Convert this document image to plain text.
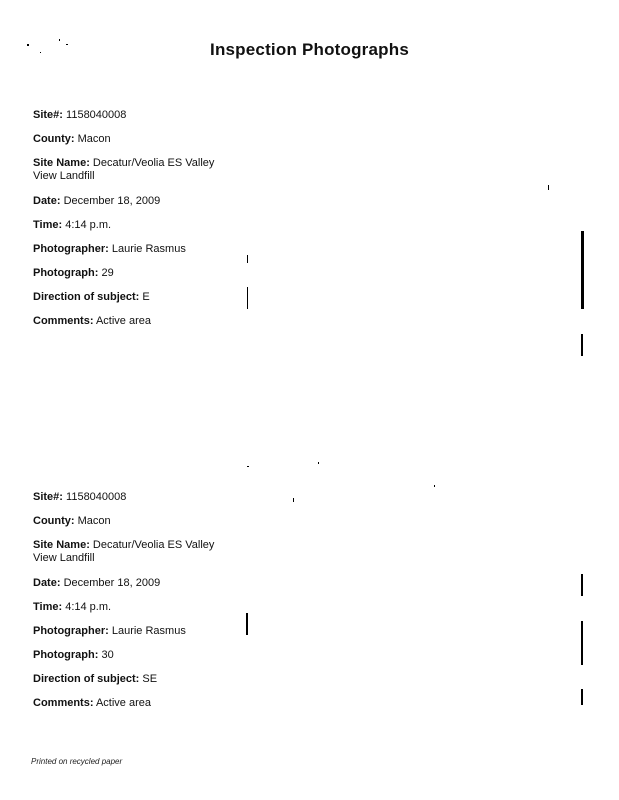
Inspection Photographs
Site#: 1158040008
County: Macon
Site Name: Decatur/Veolia ES Valley
View Landfill
Date: December 18, 2009
Time: 4:14 p.m.
Photographer: Laurie Rasmus
Photograph: 29
Direction of subject: E
Comments: Active area
Site#: 1158040008
County: Macon
Site Name: Decatur/Veolia ES Valley
View Landfill
Date: December 18, 2009
Time: 4:14 p.m.
Photographer: Laurie Rasmus
Photograph: 30
Direction of subject: SE
Comments: Active area
Printed on recycled paper
